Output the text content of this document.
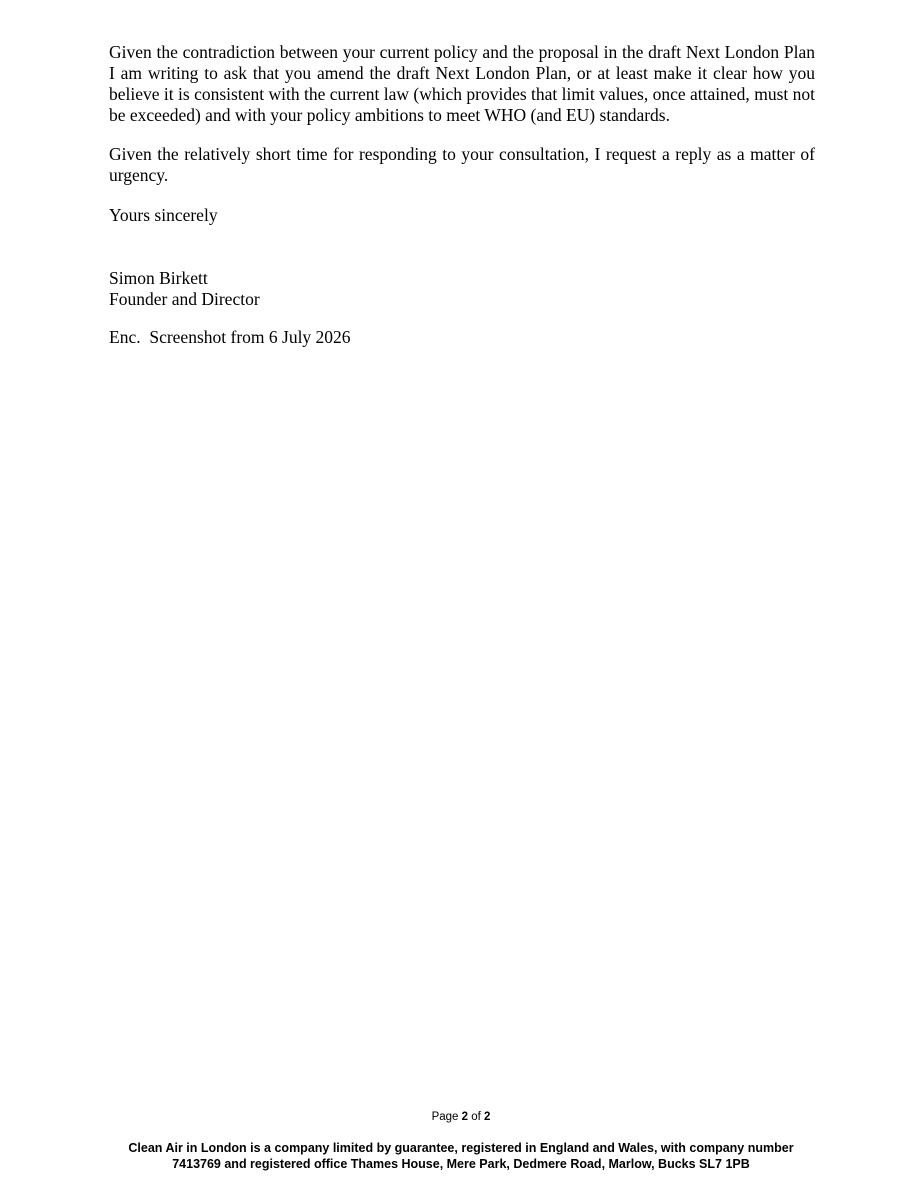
Given the contradiction between your current policy and the proposal in the draft Next London Plan I am writing to ask that you amend the draft Next London Plan, or at least make it clear how you believe it is consistent with the current law (which provides that limit values, once attained, must not be exceeded) and with your policy ambitions to meet WHO (and EU) standards.

Given the relatively short time for responding to your consultation, I request a reply as a matter of urgency.

Yours sincerely

Simon Birkett
Founder and Director

Enc.  Screenshot from 6 July 2026

Page 2 of 2
Clean Air in London is a company limited by guarantee, registered in England and Wales, with company number
7413769 and registered office Thames House, Mere Park, Dedmere Road, Marlow, Bucks SL7 1PB
